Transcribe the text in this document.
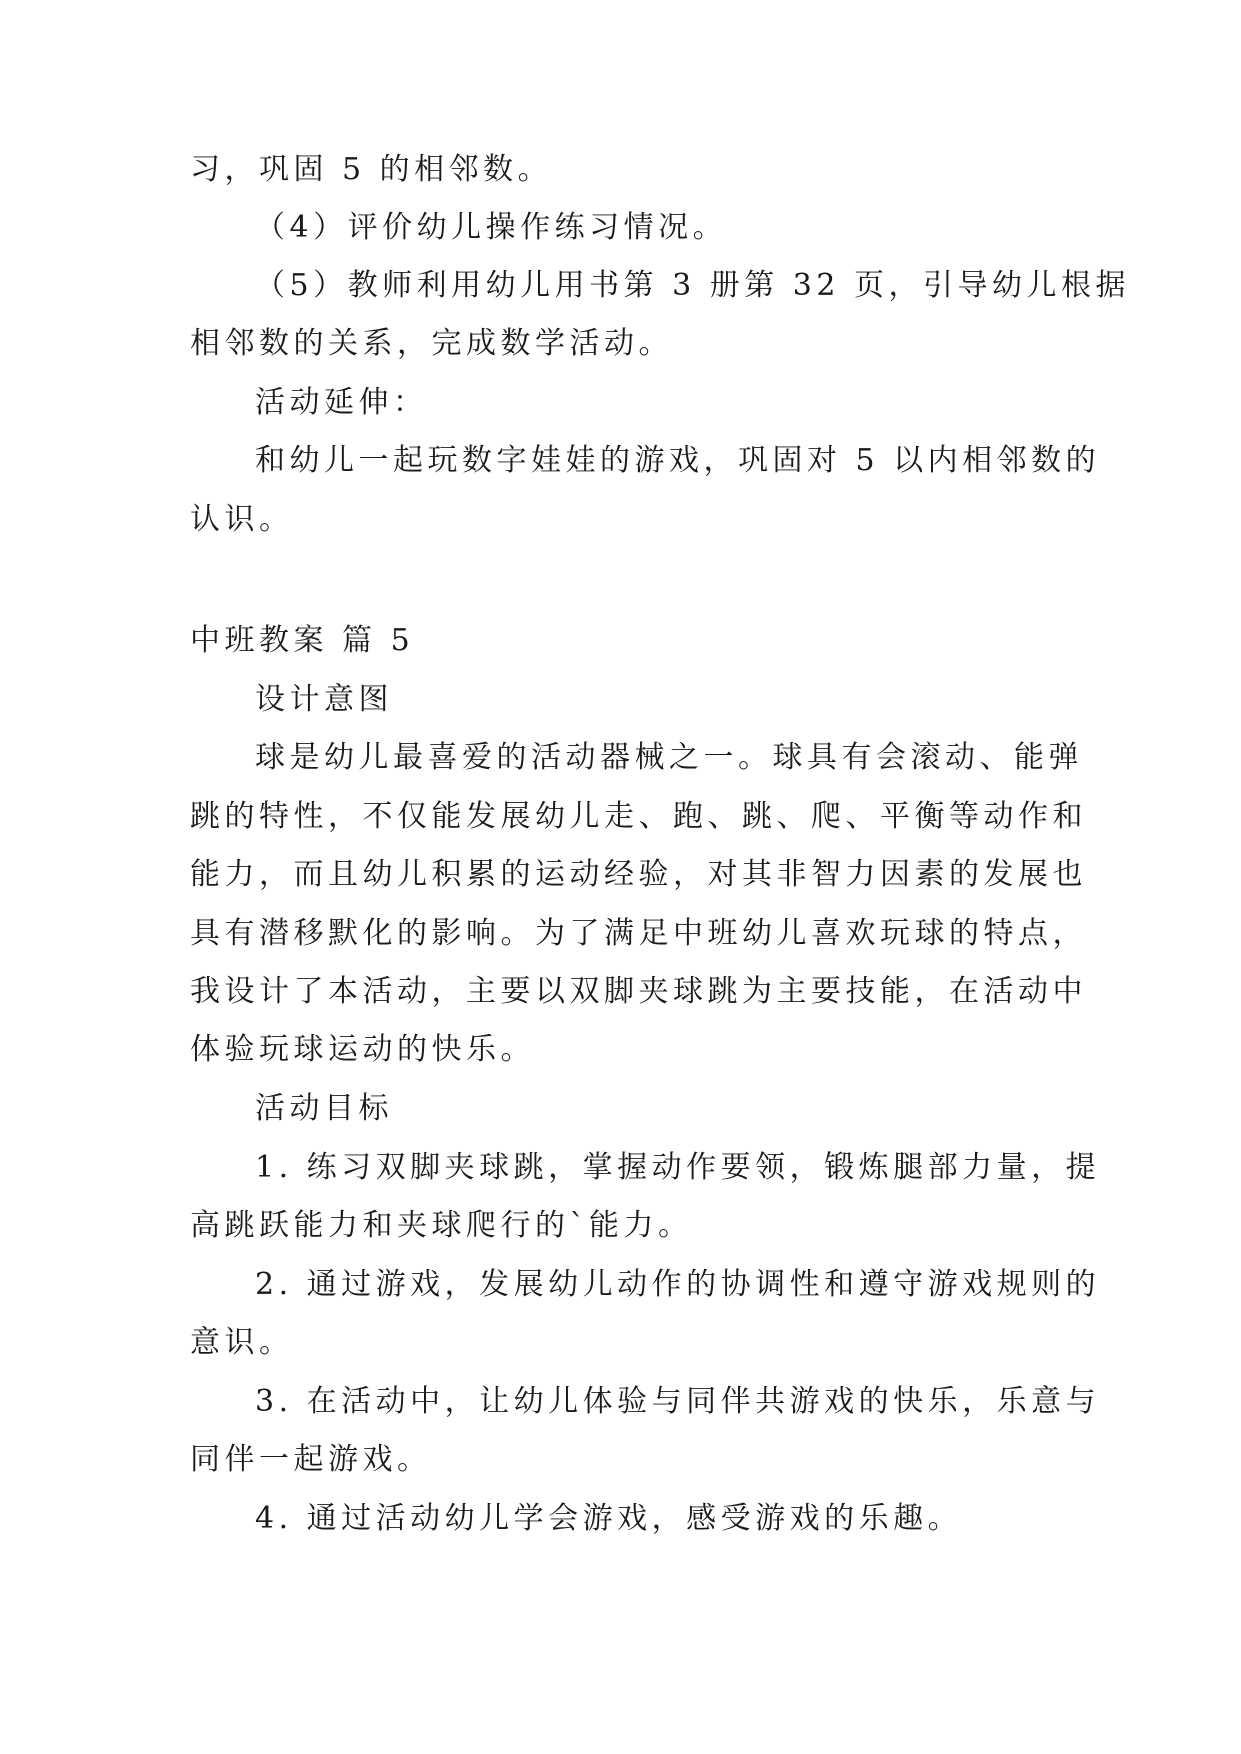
习，巩固 5 的相邻数。
（4）评价幼儿操作练习情况。
（5）教师利用幼儿用书第 3 册第 32 页，引导幼儿根据
相邻数的关系，完成数学活动。
活动延伸：
和幼儿一起玩数字娃娃的游戏，巩固对 5 以内相邻数的
认识。
中班教案 篇 5
设计意图
球是幼儿最喜爱的活动器械之一。球具有会滚动、能弹
跳的特性，不仅能发展幼儿走、跑、跳、爬、平衡等动作和
能力，而且幼儿积累的运动经验，对其非智力因素的发展也
具有潜移默化的影响。为了满足中班幼儿喜欢玩球的特点，
我设计了本活动，主要以双脚夹球跳为主要技能，在活动中
体验玩球运动的快乐。
活动目标
1. 练习双脚夹球跳，掌握动作要领，锻炼腿部力量，提
高跳跃能力和夹球爬行的`能力。
2. 通过游戏，发展幼儿动作的协调性和遵守游戏规则的
意识。
3. 在活动中，让幼儿体验与同伴共游戏的快乐，乐意与
同伴一起游戏。
4. 通过活动幼儿学会游戏，感受游戏的乐趣。
